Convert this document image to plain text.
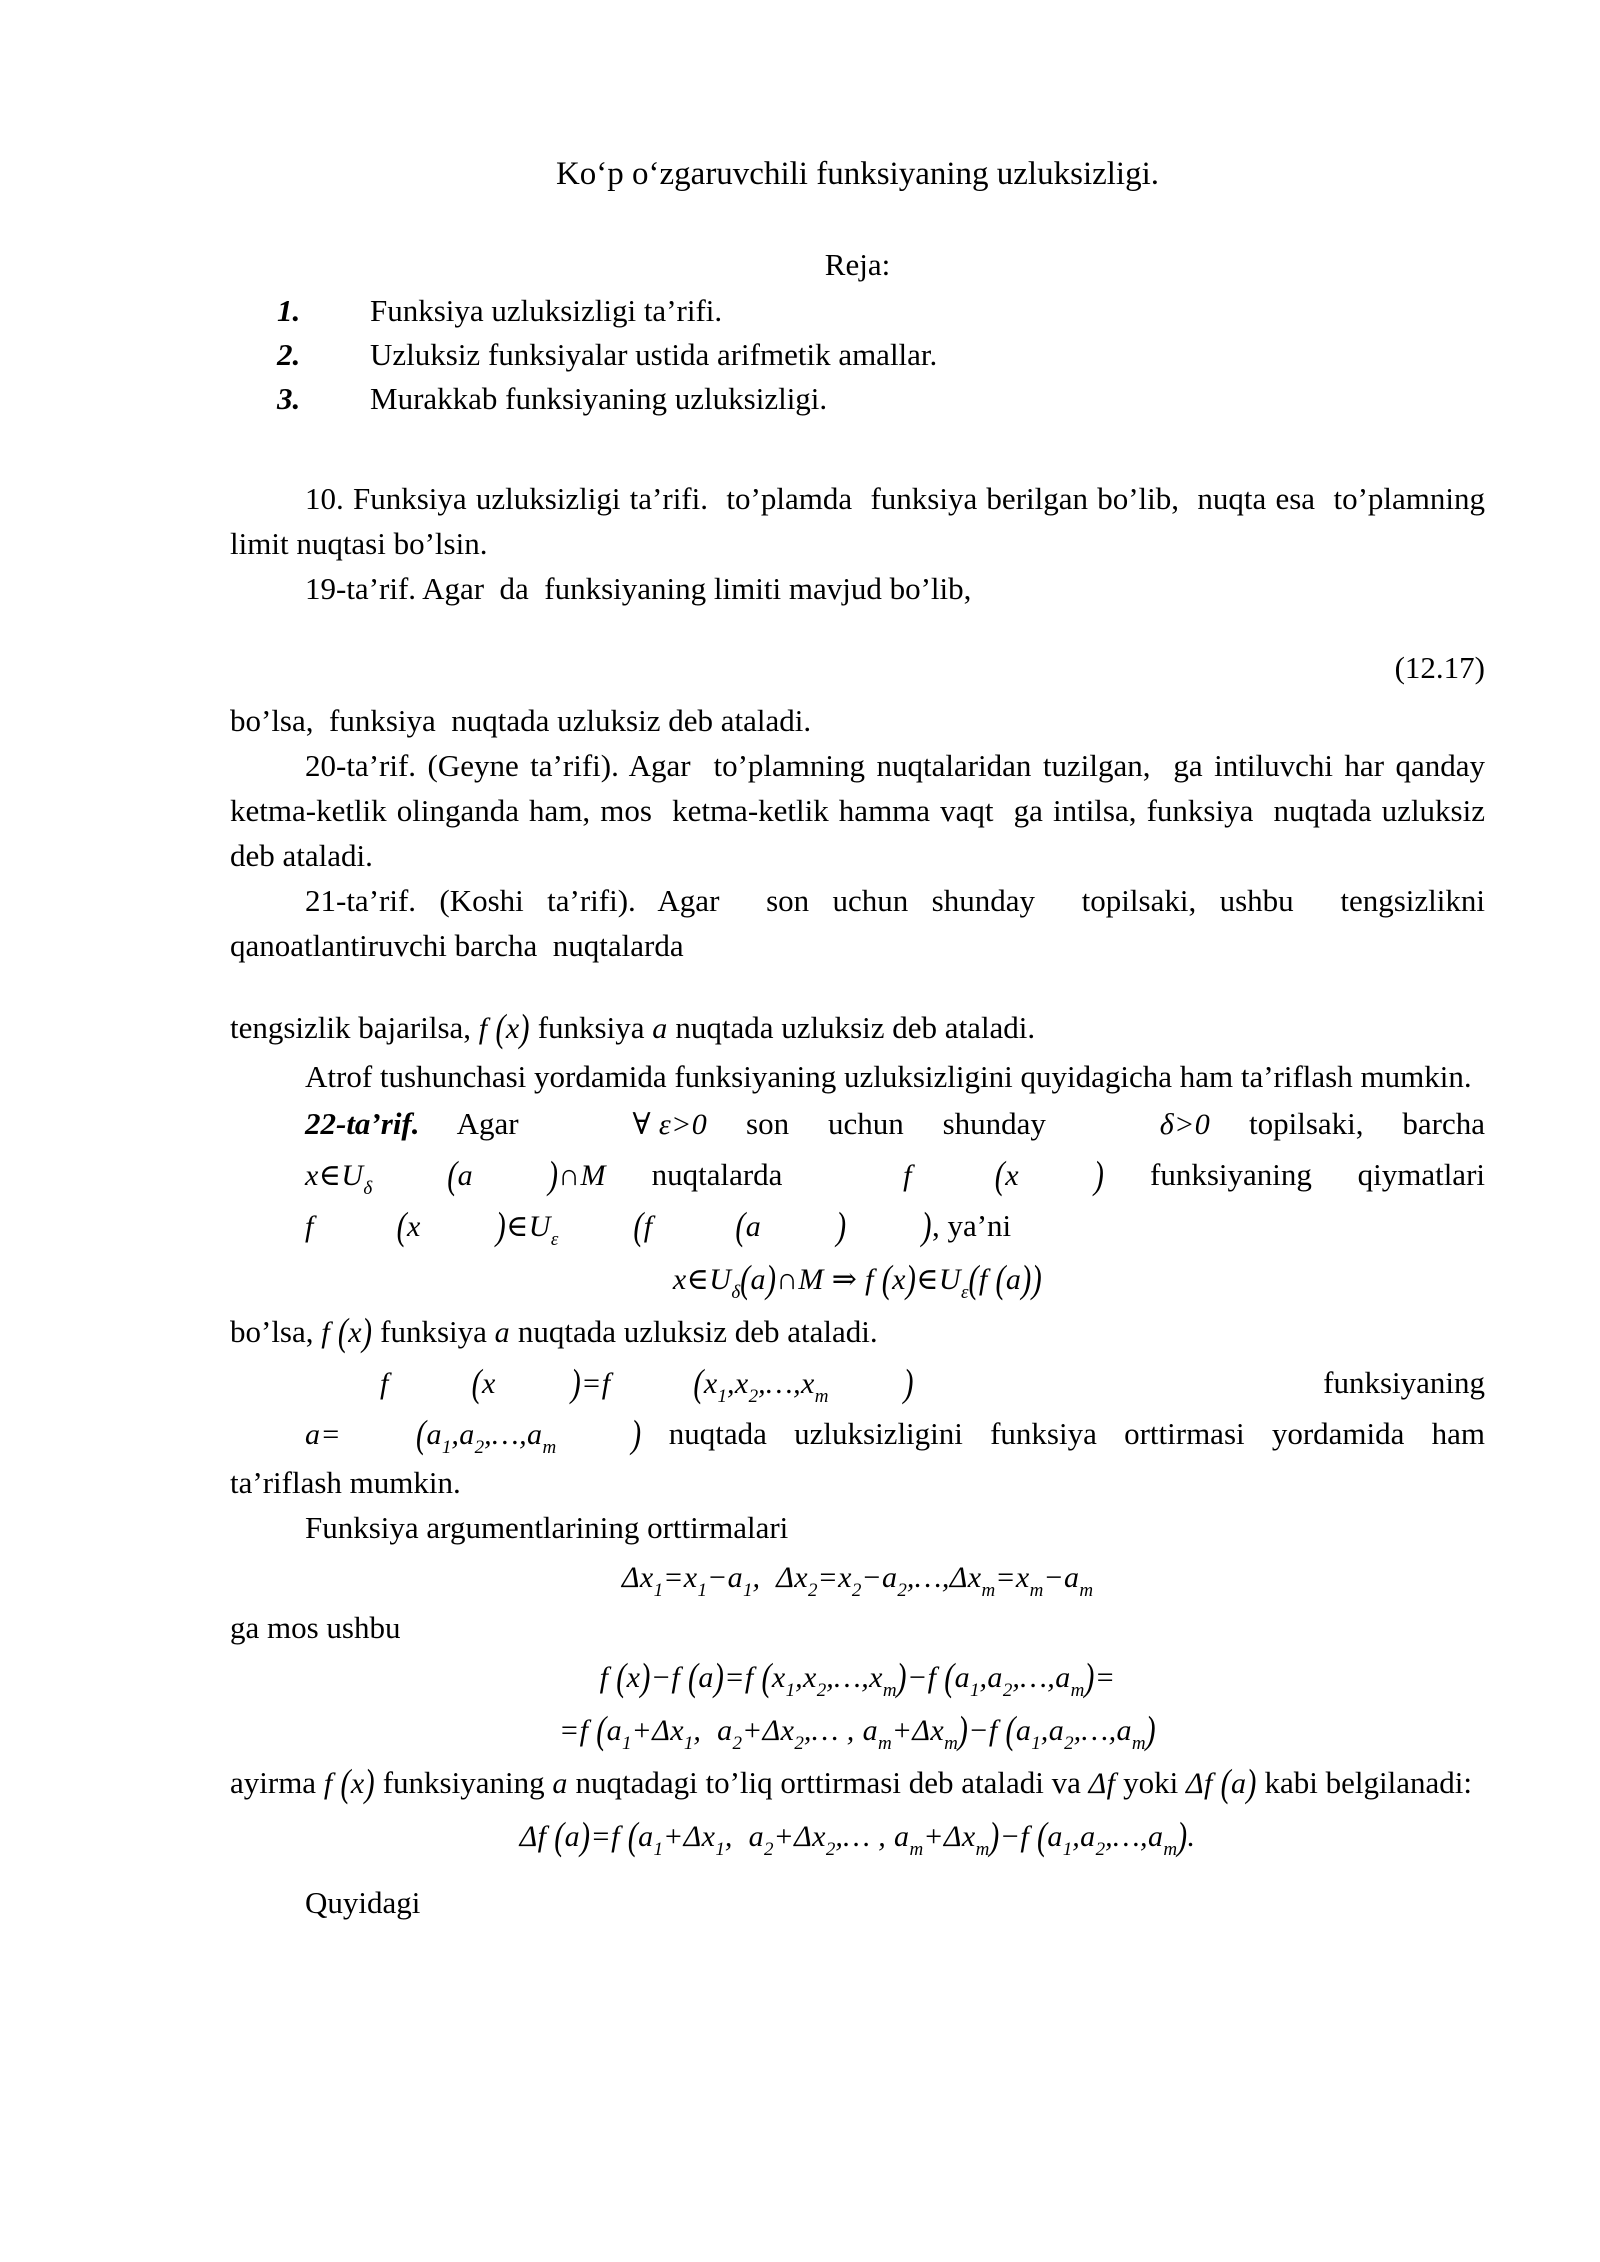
Koʻp oʻzgaruvchili funksiyaning uzluksizligi.
Reja:
1.	Funksiya uzluksizligi ta’rifi.
2.	Uzluksiz funksiyalar ustida arifmetik amallar.
3.	Murakkab funksiyaning uzluksizligi.
10. Funksiya uzluksizligi ta’rifi.  to’plamda  funksiya berilgan bo’lib,  nuqta esa  to’plamning limit nuqtasi bo’lsin.
19-ta’rif. Agar  da  funksiyaning limiti mavjud bo’lib,
(12.17)
bo’lsa,  funksiya  nuqtada uzluksiz deb ataladi.
20-ta’rif. (Geyne ta’rifi). Agar  to’plamning nuqtalaridan tuzilgan,  ga intiluvchi har qanday  ketma-ketlik olinganda ham, mos  ketma-ketlik hamma vaqt  ga intilsa, funksiya  nuqtada uzluksiz deb ataladi.
21-ta’rif. (Koshi ta’rifi). Agar  son uchun shunday  topilsaki, ushbu  tengsizlikni qanoatlantiruvchi barcha  nuqtalarda
tengsizlik bajarilsa, f (x) funksiya a nuqtada uzluksiz deb ataladi.
Atrof tushunchasi yordamida funksiyaning uzluksizligini quyidagicha ham ta’riflash mumkin.
22-ta’rif. Agar	∀ ε>0 son uchun shunday	δ>0 topilsaki, barcha $x\in U_\delta$	(a	)∩M nuqtalarda	f	(x	) funksiyaning qiymatlari f	(x	)$\in U_\varepsilon$	(f	(a	)	), ya’ni
$x\in U_\delta(a)\cap M$ ⇒ f $(x)\in U_\varepsilon(f$ (a))
bo’lsa, f (x) funksiya a nuqtada uzluksiz deb ataladi.
f	(x	)=f	($x_1,x_2,\dots,x_m$	) funksiyaning a=	($a_1,a_2,\dots,a_m$	) nuqtada uzluksizligini funksiya orttirmasi yordamida ham ta’riflash mumkin.
Funksiya argumentlarining orttirmalari
$\Delta x_1=x_1-a_1$,  $\Delta x_2=x_2-a_2,\dots,\Delta x_m=x_m-a_m$
ga mos ushbu
f (x)−f (a)=f $(x_1,x_2,\dots,x_m)-f$ $(a_1,a_2,\dots,a_m)=$
=f ($a_1+\Delta x_1$,  $a_2+\Delta x_2,\dots$ , $a_m+\Delta x_m)-f$ $(a_1,a_2,\dots,a_m)$
ayirma f (x) funksiyaning a nuqtadagi to’liq orttirmasi deb ataladi va Δf yoki Δf (a) kabi belgilanadi:
Δf (a)=f ($a_1+\Delta x_1$,  $a_2+\Delta x_2,\dots$ , $a_m+\Delta x_m)-f$ $(a_1,a_2,\dots,a_m)$.
Quyidagi
